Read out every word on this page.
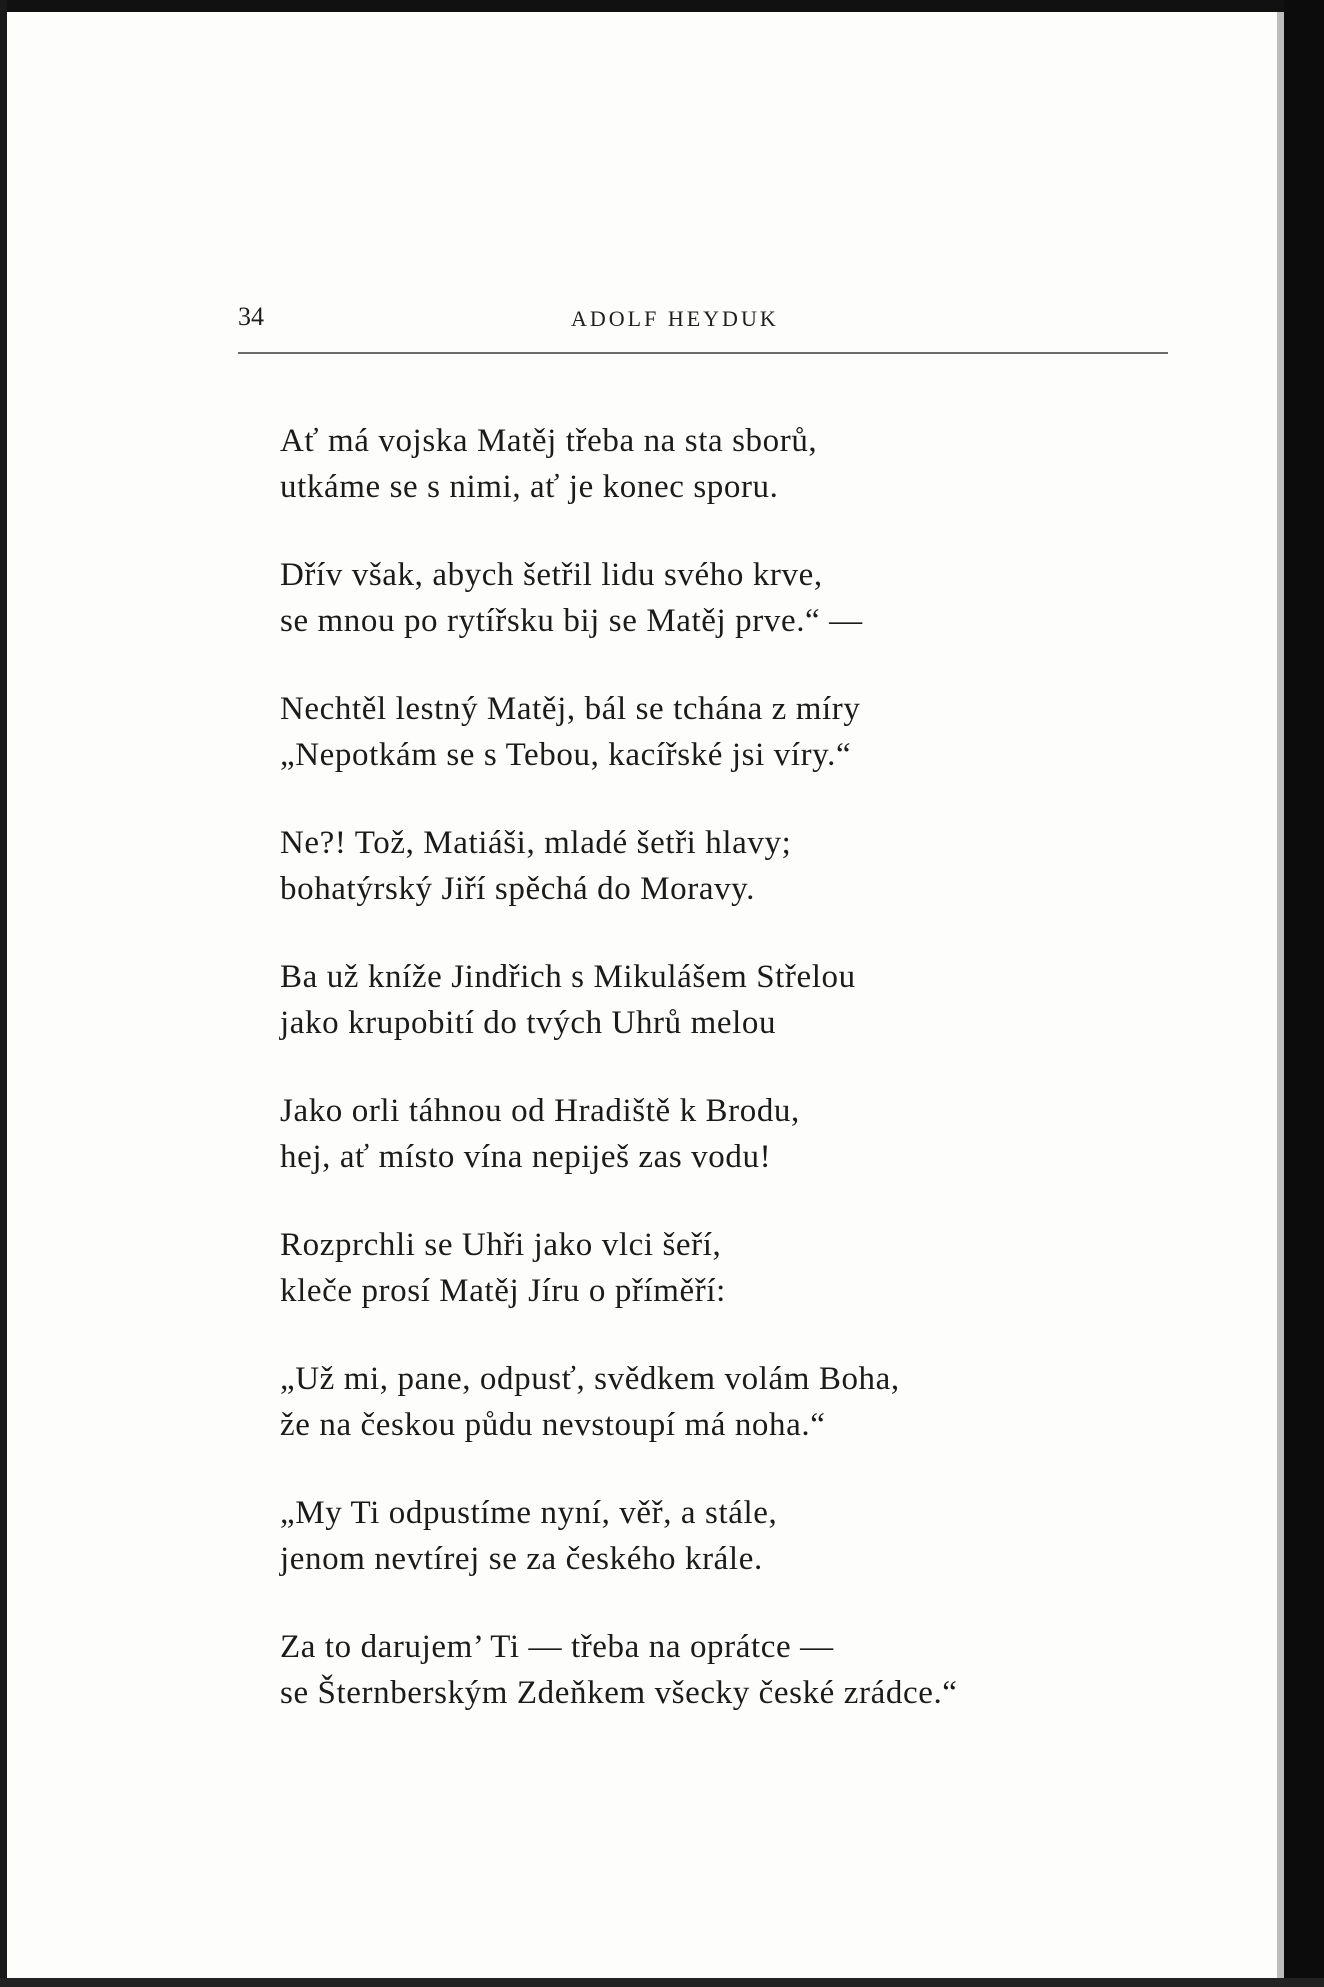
34	ADOLF HEYDUK
Ať má vojska Matěj třeba na sta sborů,
utkáme se s nimi, ať je konec sporu.
Dřív však, abych šetřil lidu svého krve,
se mnou po rytířsku bij se Matěj prve.“ —
Nechtěl lestný Matěj, bál se tchána z míry
„Nepotkám se s Tebou, kacířské jsi víry.“
Ne?! Tož, Matiáši, mladé šetři hlavy;
bohatýrský Jiří spěchá do Moravy.
Ba už kníže Jindřich s Mikulášem Střelou
jako krupobití do tvých Uhrů melou
Jako orli táhnou od Hradiště k Brodu,
hej, ať místo vína nepiješ zas vodu!
Rozprchli se Uhři jako vlci šeří,
kleče prosí Matěj Jíru o příměří:
„Už mi, pane, odpusť, svědkem volám Boha,
že na českou půdu nevstoupí má noha.“
„My Ti odpustíme nyní, věř, a stále,
jenom nevtírej se za českého krále.
Za to darujem’ Ti — třeba na oprátce —
se Šternberským Zdeňkem všecky české zrádce.“
